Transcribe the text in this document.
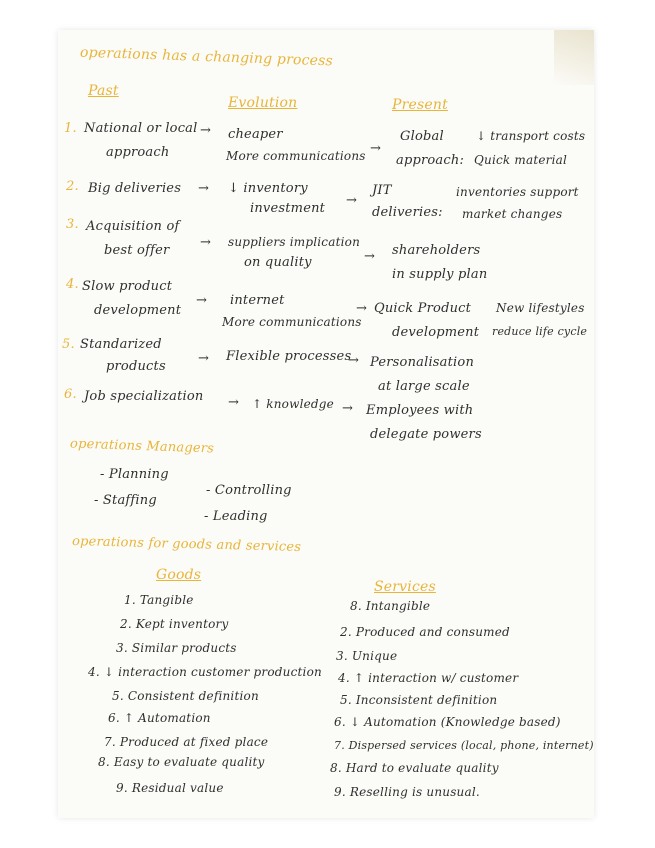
operations has a changing process
Past
Evolution	Present
1. National or local
approach
→ cheaper
More communications →
Global
approach:
↓ transport costs
Quick material
2. Big deliveries → ↓ inventory
investment
→
JIT
deliveries:
inventories support
market changes
3. Acquisition of
best offer
→ suppliers implication
on quality	→ shareholders
in supply plan
4. Slow product
development
→ internet
More communications
→ Quick Product
development
New lifestyles
reduce life cycle
5. Standarized
products
→ Flexible processes
→ Personalisation
at large scale
6. Job specialization → ↑ knowledge → Employees with
delegate powers
operations Managers
- Planning
- Staffing
- Controlling
- Leading
operations for goods and services
Goods
Services
1. Tangible
2. Kept inventory
3. Similar products
4. ↓ interaction customer production
5. Consistent definition
6. ↑ Automation
7. Produced at fixed place
8. Easy to evaluate quality
9. Residual value
8. Intangible
2. Produced and consumed
3. Unique
4. ↑ interaction w/ customer
5. Inconsistent definition
6. ↓ Automation (Knowledge based)
7. Dispersed services (local, phone, internet)
8. Hard to evaluate quality
9. Reselling is unusual.
